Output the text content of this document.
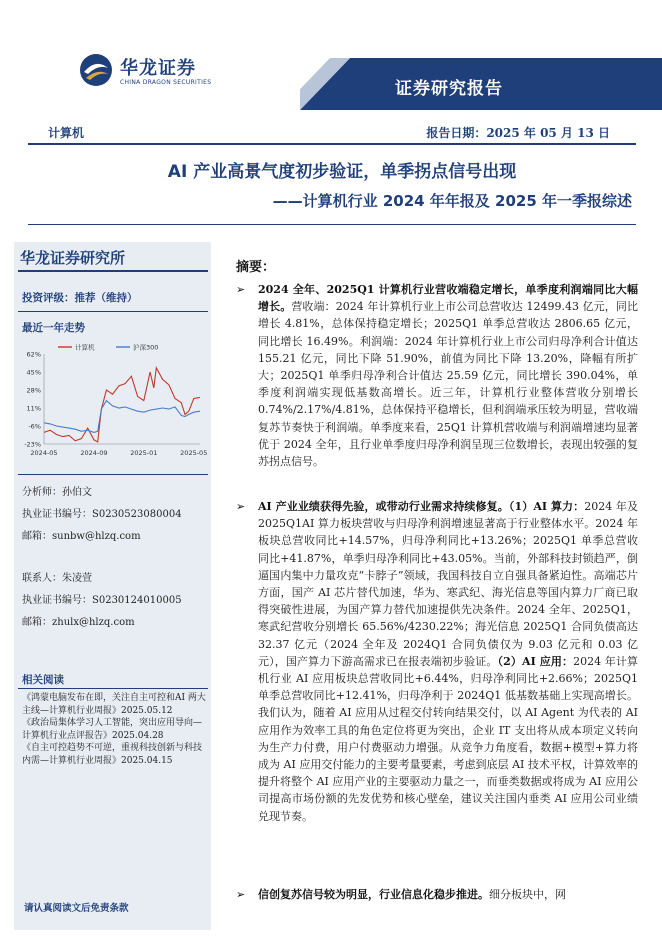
华龙证券
CHINA DRAGON SECURITIES	证券研究报告
计算机	报告日期：2025 年 05 月 13 日
AI 产业高景气度初步验证，单季拐点信号出现
——计算机行业 2024 年年报及 2025 年一季报综述
华龙证券研究所
投资评级：推荐（维持）
最近一年走势
62%
45%
28%
11%
-6%
-23%
2024-05	2024-09	2025-01	2025-05
计算机	沪深300
分析师：孙伯文
执业证书编号：S0230523080004
邮箱：sunbw@hlzq.com
联系人：朱凌萱
执业证书编号：S0230124010005
邮箱：zhulx@hlzq.com
相关阅读
《鸿蒙电脑发布在即，关注自主可控和AI 两大主线—计算机行业周报》2025.05.12
《政治局集体学习人工智能，突出应用导向—计算机行业点评报告》2025.04.28
《自主可控趋势不可逆，重视科技创新与科技内需—计算机行业周报》2025.04.15
请认真阅读文后免责条款
摘要：
➢	2024 全年、2025Q1 计算机行业营收端稳定增长，单季度利润端同比大幅增长。营收端：2024 年计算机行业上市公司总营收达 12499.43 亿元，同比增长 4.81%，总体保持稳定增长；2025Q1 单季总营收达 2806.65 亿元，同比增长 16.49%。利润端：2024 年计算机行业上市公司归母净利合计值达 155.21 亿元，同比下降 51.90%，前值为同比下降 13.20%，降幅有所扩大；2025Q1 单季归母净利合计值达 25.59 亿元，同比增长 390.04%，单季度利润端实现低基数高增长。近三年，计算机行业整体营收分别增长 0.74%/2.17%/4.81%，总体保持平稳增长，但利润端承压较为明显，营收端复苏节奏快于利润端。单季度来看，25Q1 计算机营收端与利润端增速均显著优于 2024 全年，且行业单季度归母净利润呈现三位数增长，表现出较强的复苏拐点信号。
➢	AI 产业业绩获得先验，或带动行业需求持续修复。（1）AI 算力：2024 年及 2025Q1AI 算力板块营收与归母净利润增速显著高于行业整体水平。2024 年板块总营收同比+14.57%，归母净利同比+13.26%；2025Q1 单季总营收同比+41.87%，单季归母净利同比+43.05%。当前，外部科技封锁趋严，倒逼国内集中力量攻克“卡脖子”领域，我国科技自立自强具备紧迫性。高端芯片方面，国产 AI 芯片替代加速，华为、寒武纪、海光信息等国内算力厂商已取得突破性进展，为国产算力替代加速提供先决条件。2024 全年、2025Q1，寒武纪营收分别增长 65.56%/4230.22%；海光信息 2025Q1 合同负债高达 32.37 亿元（2024 全年及 2024Q1 合同负债仅为 9.03 亿元和 0.03 亿元），国产算力下游高需求已在报表端初步验证。（2）AI 应用：2024 年计算机行业 AI 应用板块总营收同比+6.44%，归母净利同比+2.66%；2025Q1 单季总营收同比+12.41%，归母净利于 2024Q1 低基数基础上实现高增长。我们认为，随着 AI 应用从过程交付转向结果交付，以 AI Agent 为代表的 AI 应用作为效率工具的角色定位将更为突出，企业 IT 支出将从成本项定义转向为生产力付费，用户付费驱动力增强。从竞争力角度看，数据+模型+算力将成为 AI 应用交付能力的主要考量要素，考虑到底层 AI 技术平权，计算效率的提升将整个 AI 应用产业的主要驱动力量之一，而垂类数据或将成为 AI 应用公司提高市场份额的先发优势和核心壁垒，建议关注国内垂类 AI 应用公司业绩兑现节奏。
➢	信创复苏信号较为明显，行业信息化稳步推进。细分板块中，网
